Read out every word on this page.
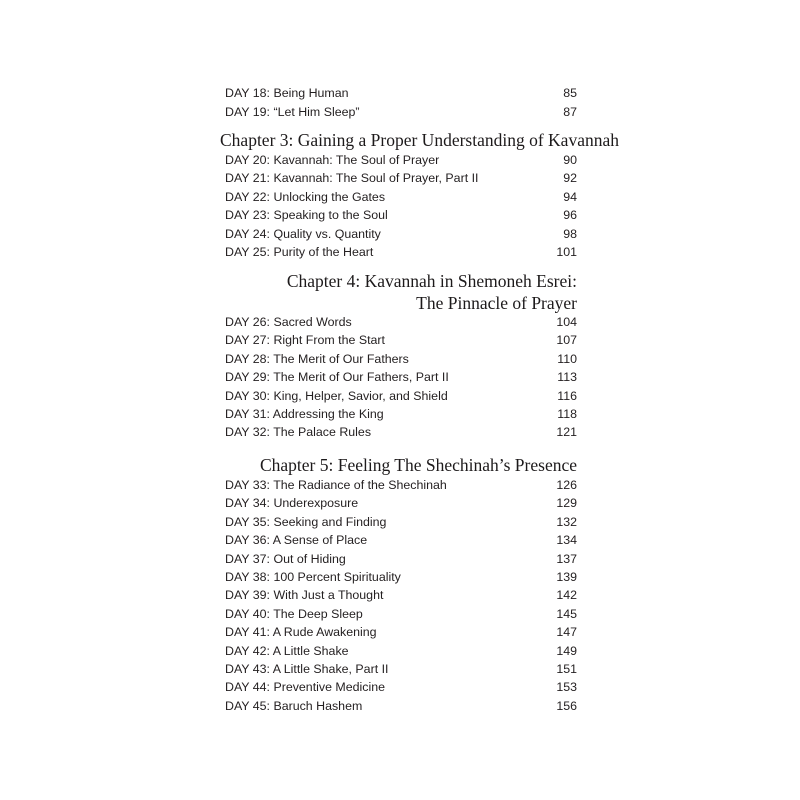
DAY 18: Being Human	85
DAY 19: “Let Him Sleep”	87
Chapter 3: Gaining a Proper Understanding of Kavannah
DAY 20: Kavannah: The Soul of Prayer	90
DAY 21: Kavannah: The Soul of Prayer, Part II	92
DAY 22: Unlocking the Gates	94
DAY 23: Speaking to the Soul	96
DAY 24: Quality vs. Quantity	98
DAY 25: Purity of the Heart	101
Chapter 4: Kavannah in Shemoneh Esrei:
The Pinnacle of Prayer
DAY 26: Sacred Words	104
DAY 27: Right From the Start	107
DAY 28: The Merit of Our Fathers	110
DAY 29: The Merit of Our Fathers, Part II	113
DAY 30: King, Helper, Savior, and Shield	116
DAY 31: Addressing the King	118
DAY 32: The Palace Rules	121
Chapter 5: Feeling The Shechinah’s Presence
DAY 33: The Radiance of the Shechinah	126
DAY 34: Underexposure	129
DAY 35: Seeking and Finding	132
DAY 36: A Sense of Place	134
DAY 37: Out of Hiding	137
DAY 38: 100 Percent Spirituality	139
DAY 39: With Just a Thought	142
DAY 40: The Deep Sleep	145
DAY 41: A Rude Awakening	147
DAY 42: A Little Shake	149
DAY 43: A Little Shake, Part II	151
DAY 44: Preventive Medicine	153
DAY 45: Baruch Hashem	156
